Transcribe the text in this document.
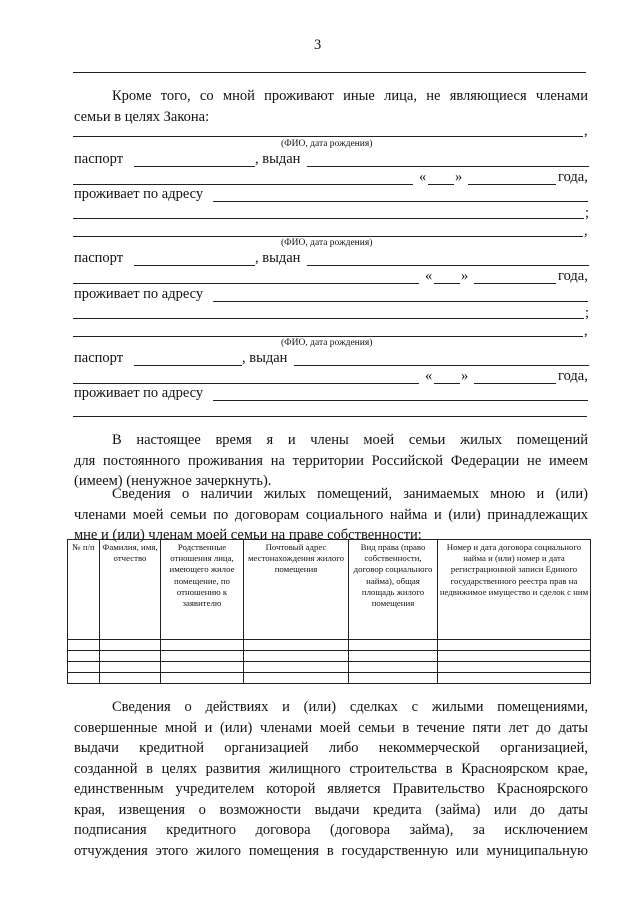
3
Кроме того, со мной проживают иные лица, не являющиеся членами
семьи в целях Закона:
,
(ФИО, дата рождения)
паспорт	, выдан
« »	года,
проживает по адресу
;
,
(ФИО, дата рождения)
паспорт	, выдан
« »	года,
проживает по адресу
;
,
(ФИО, дата рождения)
паспорт	, выдан
« »	года,
проживает по адресу
В настоящее время я и члены моей семьи жилых помещений
для постоянного проживания на территории Российской Федерации не имеем
(имеем) (ненужное зачеркнуть).
Сведения о наличии жилых помещений, занимаемых мною и (или)
членами моей семьи по договорам социального найма и (или) принадлежащих
мне и (или) членам моей семьи на праве собственности:
№ п/п	Фамилия, имя, отчество	Родственные отношения лица, имеющего жилое помещение, по отношению к заявителю	Почтовый адрес местонахождения жилого помещения	Вид права (право собственности, договор социального найма), общая площадь жилого помещения	Номер и дата договора социального найма и (или) номер и дата регистрационной записи Единого государственного реестра прав на недвижимое имущество и сделок с ним

Сведения о действиях и (или) сделках с жилыми помещениями,
совершенные мной и (или) членами моей семьи в течение пяти лет до даты
выдачи кредитной организацией либо некоммерческой организацией,
созданной в целях развития жилищного строительства в Красноярском крае,
единственным учредителем которой является Правительство Красноярского
края, извещения о возможности выдачи кредита (займа) или до даты
подписания кредитного договора (договора займа), за исключением
отчуждения этого жилого помещения в государственную или муниципальную
